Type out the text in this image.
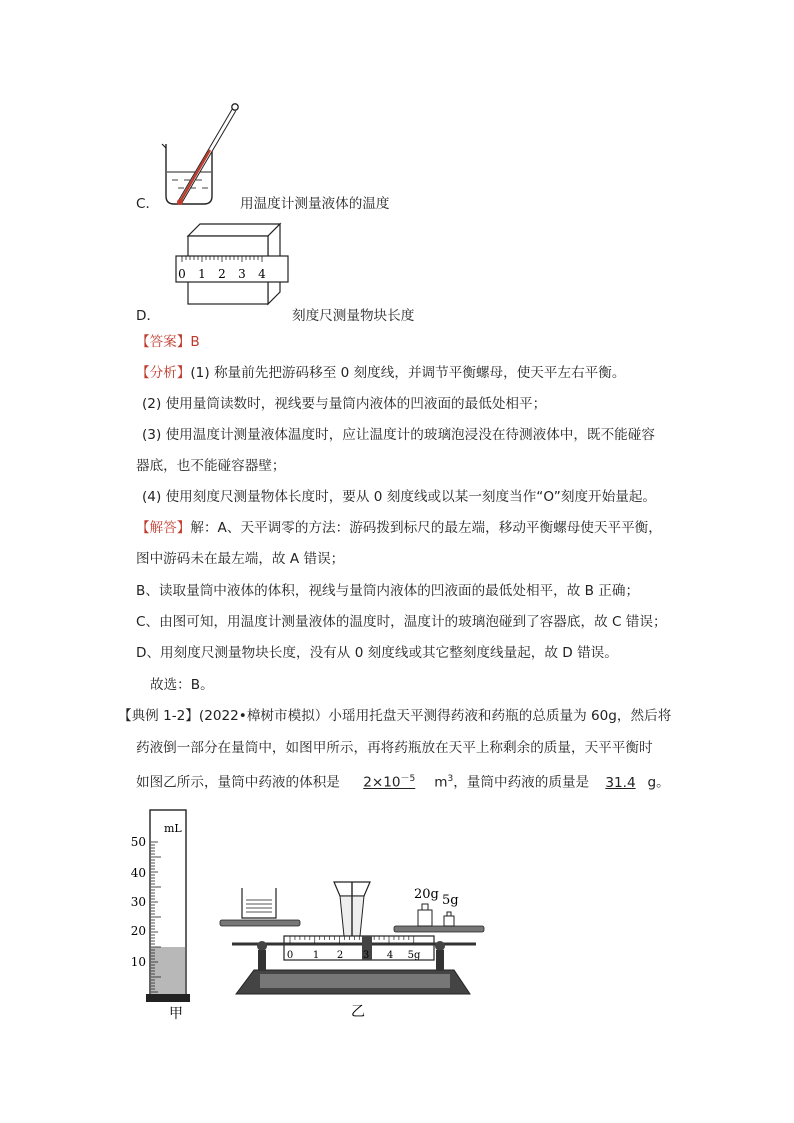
C．	用温度计测量液体的温度
0 1 2 3 4
D．	刻度尺测量物块长度
【答案】B
【分析】(1) 称量前先把游码移至 0 刻度线，并调节平衡螺母，使天平左右平衡。
(2) 使用量筒读数时，视线要与量筒内液体的凹液面的最低处相平；
(3) 使用温度计测量液体温度时，应让温度计的玻璃泡浸没在待测液体中，既不能碰容
器底，也不能碰容器壁；
(4) 使用刻度尺测量物体长度时，要从 0 刻度线或以某一刻度当作“O”刻度开始量起。
【解答】解：A、天平调零的方法：游码拨到标尺的最左端，移动平衡螺母使天平平衡，
图中游码未在最左端，故 A 错误；
B、读取量筒中液体的体积，视线与量筒内液体的凹液面的最低处相平，故 B 正确；
C、由图可知，用温度计测量液体的温度时，温度计的玻璃泡碰到了容器底，故 C 错误；
D、用刻度尺测量物块长度，没有从 0 刻度线或其它整刻度线量起，故 D 错误。
故选：B。
【典例 1-2】(2022•樟树市模拟）小瑶用托盘天平测得药液和药瓶的总质量为 60g，然后将
药液倒一部分在量筒中，如图甲所示，再将药瓶放在天平上称剩余的质量，天平平衡时
如图乙所示，量筒中药液的体积是 $2\times 10^{-5}$ $m^3$，量筒中药液的质量是 31.4 g。
mL
50
40
30
20
10
甲
0 1 2 3 4 5g
20g 5g
乙
